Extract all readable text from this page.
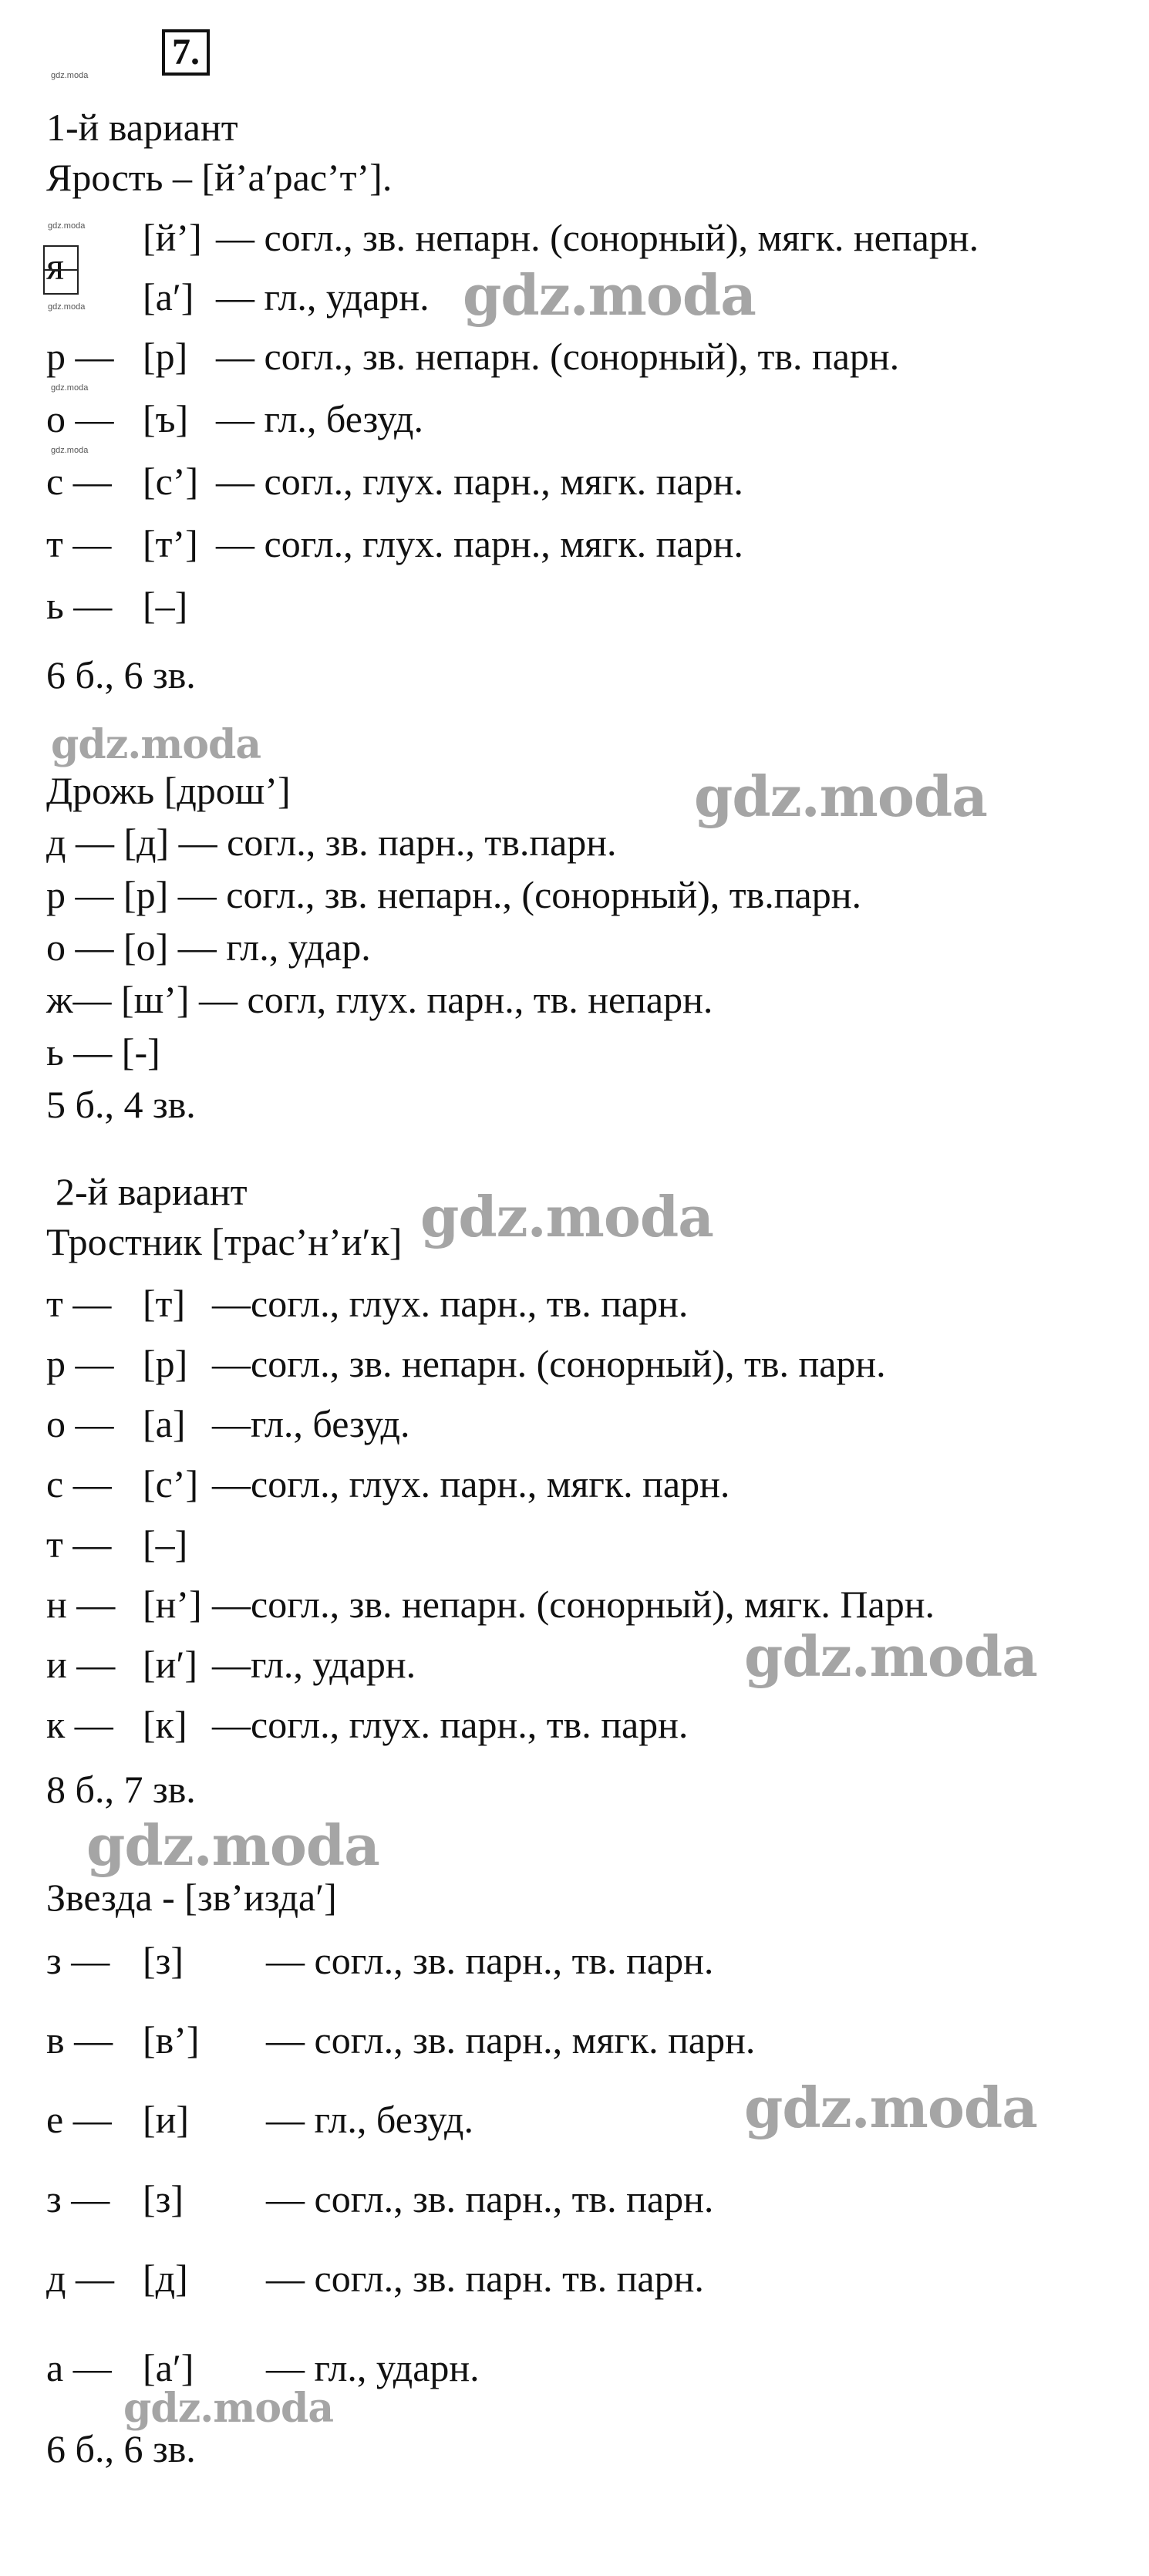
7.
gdz.moda
1-й вариант
Ярость – [й’а′рас’т’].
gdz.moda
я
gdz.moda

[й’]

— согл., зв. непарн. (сонорный), мягк. непарн.

[а′]

— гл., ударн.

р —

[р]

— согл., зв. непарн. (сонорный), тв. парн.

gdz.moda

о —

[ъ]

— гл., безуд.

gdz.moda

с —

[с’]

— согл., глух. парн., мягк. парн.

т —

[т’]

— согл., глух. парн., мягк. парн.

ь —

[–]

6 б., 6 зв.
gdz.moda
gdz.moda
Дрожь [дрош’]	gdz.moda
д — [д] — согл., зв. парн., тв.парн.
р — [р] — согл., зв. непарн., (сонорный), тв.парн.
о — [о] — гл., удар.
ж— [ш’] — согл, глух. парн., тв. непарн.
ь — [-]
5 б., 4 зв.
2-й вариант
Тростник [трас’н’и′к] gdz.moda

т —

[т]

—согл., глух. парн., тв. парн.

р —

[р]

—согл., зв. непарн. (сонорный), тв. парн.

о —

[а]

—гл., безуд.

с —

[с’]

—согл., глух. парн., мягк. парн.

т —

[–]

н —

[н’]

—согл., зв. непарн. (сонорный), мягк. Парн.

и —

[и′]

—гл., ударн.

к —

[к]

—согл., глух. парн., тв. парн.

gdz.moda
8 б., 7 зв.
gdz.moda
Звезда - [зв’изда′]

з —

[з]

— согл., зв. парн., тв. парн.

в —

[в’]

— согл., зв. парн., мягк. парн.

е —

[и]

— гл., безуд.

	gdz.moda

з —

[з]

— согл., зв. парн., тв. парн.

д —

[д]

— согл., зв. парн. тв. парн.

а —

[а′]

— гл., ударн.

gdz.moda
6 б., 6 зв.
